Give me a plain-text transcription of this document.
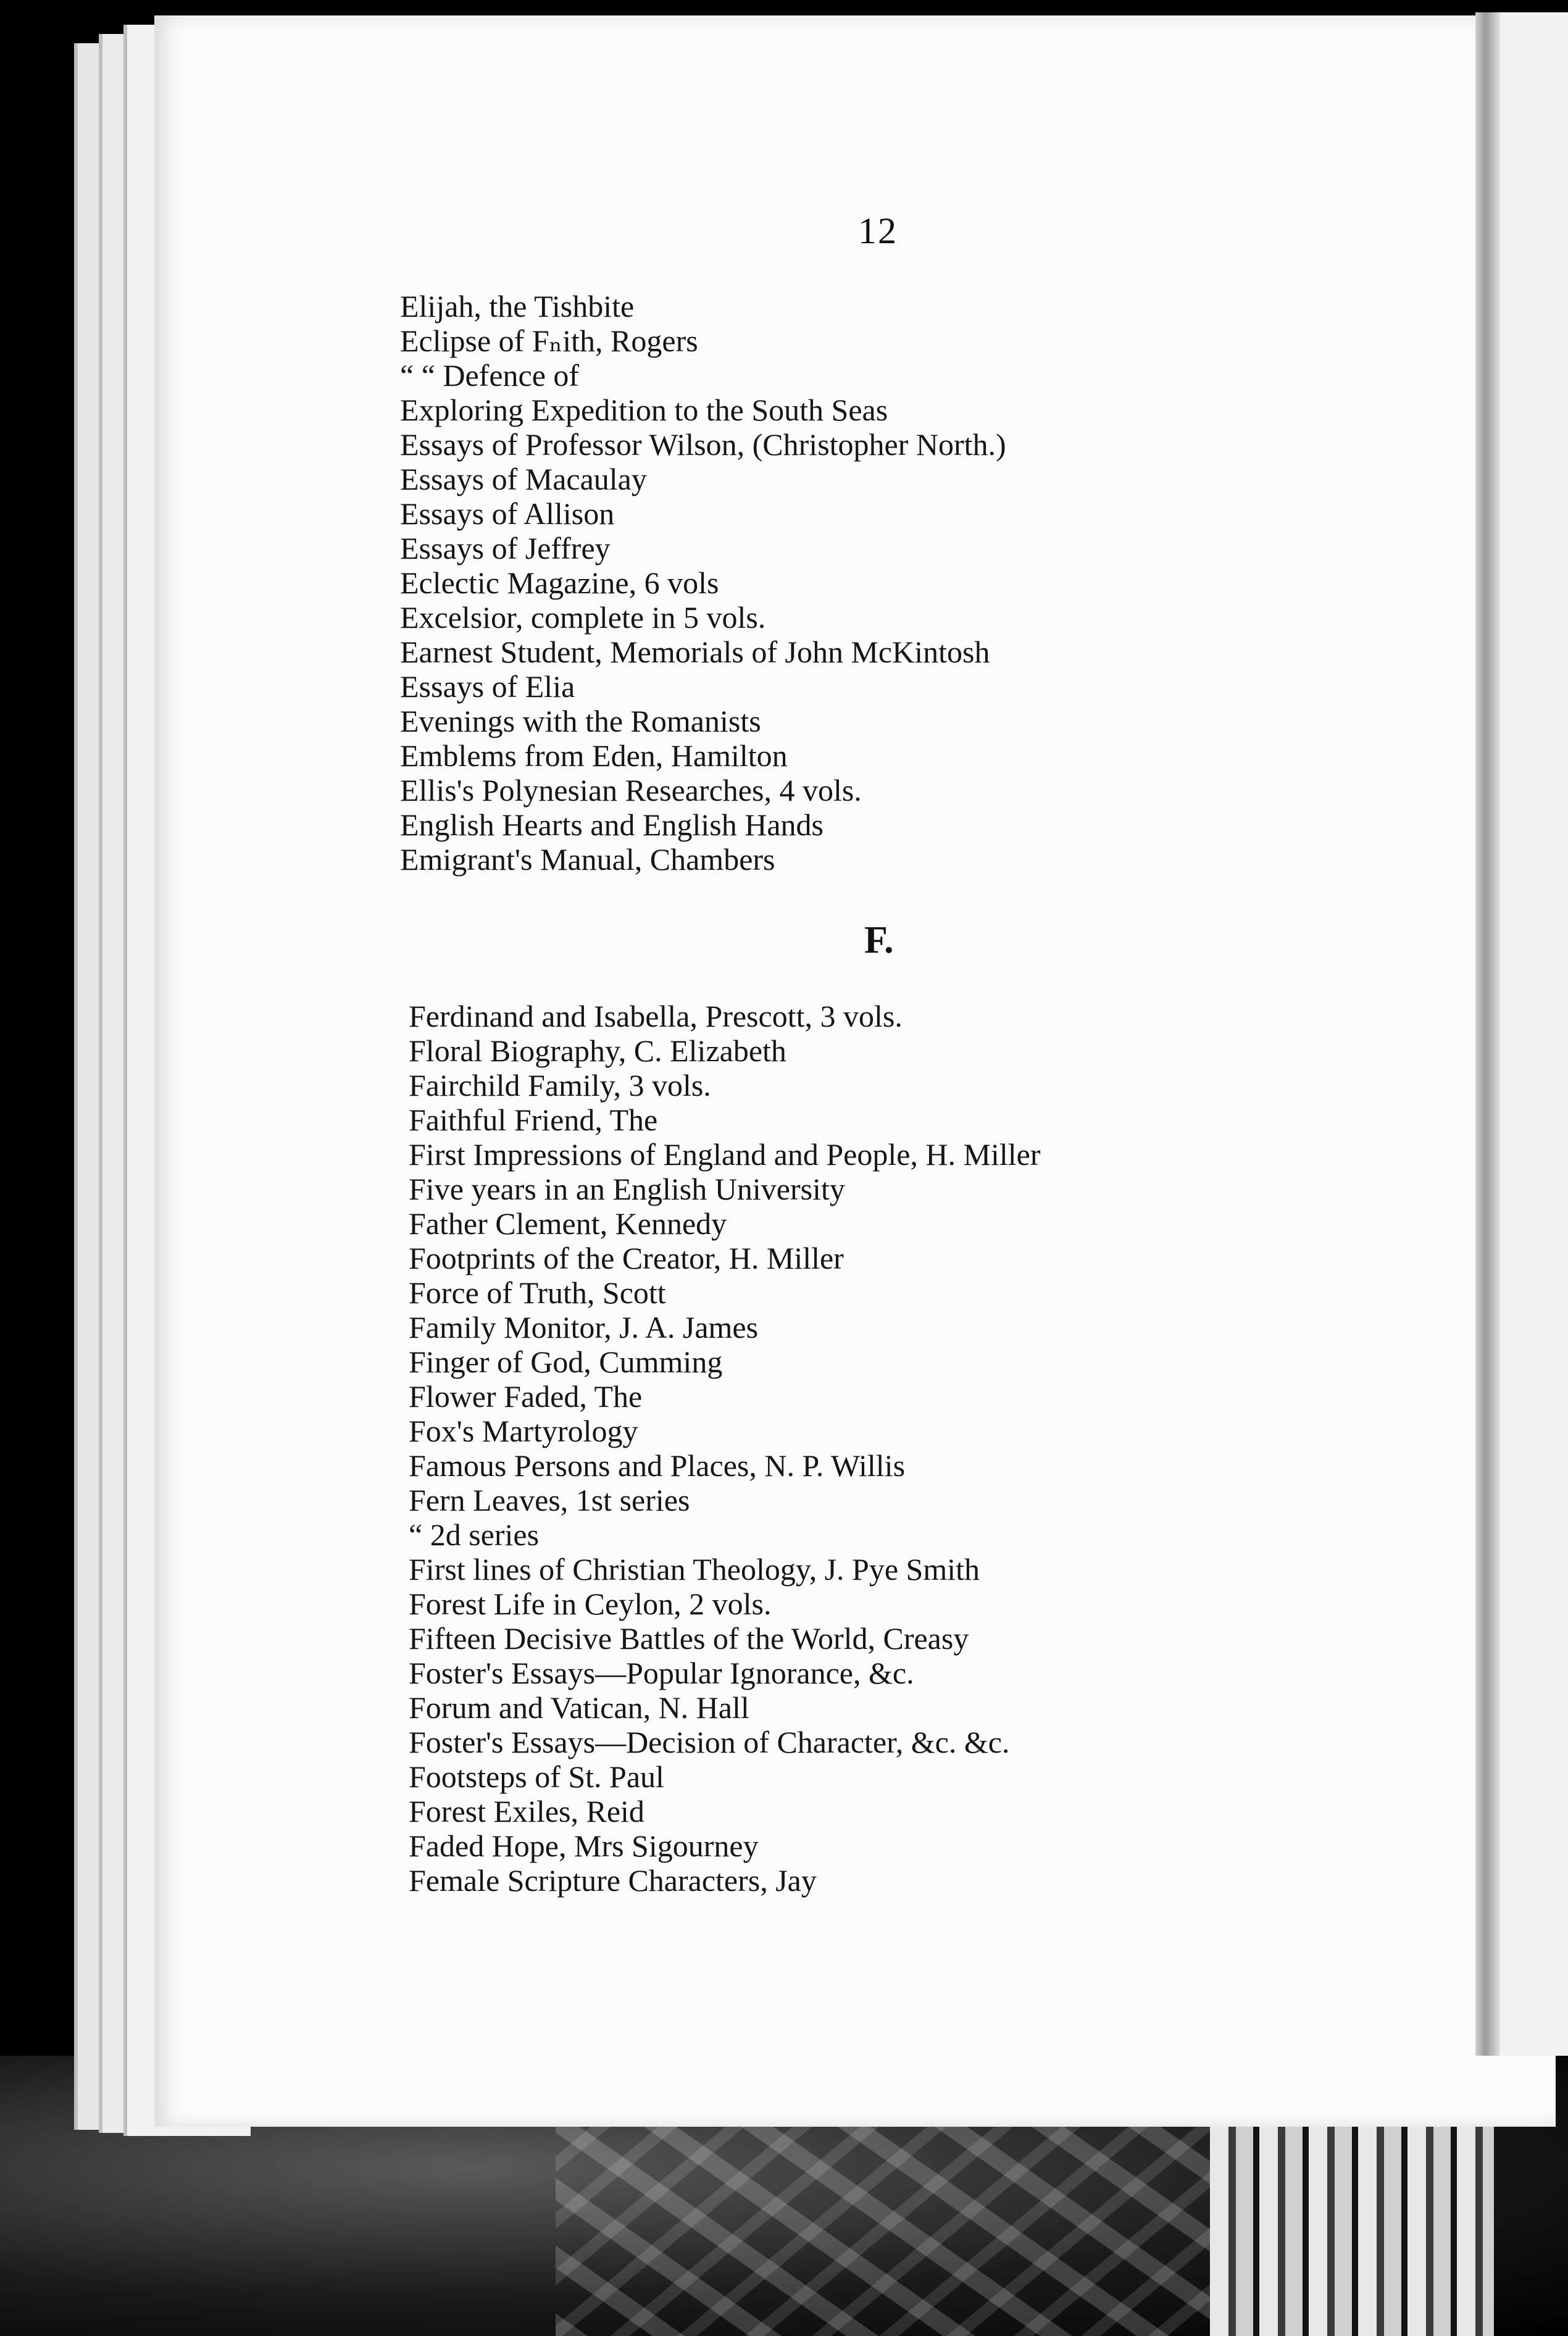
12
Elijah, the Tishbite
Eclipse of Fₙith, Rogers
“ “ Defence of
Exploring Expedition to the South Seas
Essays of Professor Wilson, (Christopher North.)
Essays of Macaulay
Essays of Allison
Essays of Jeffrey
Eclectic Magazine, 6 vols
Excelsior, complete in 5 vols.
Earnest Student, Memorials of John McKintosh
Essays of Elia
Evenings with the Romanists
Emblems from Eden, Hamilton
Ellis's Polynesian Researches, 4 vols.
English Hearts and English Hands
Emigrant's Manual, Chambers
F.
Ferdinand and Isabella, Prescott, 3 vols.
Floral Biography, C. Elizabeth
Fairchild Family, 3 vols.
Faithful Friend, The
First Impressions of England and People, H. Miller
Five years in an English University
Father Clement, Kennedy
Footprints of the Creator, H. Miller
Force of Truth, Scott
Family Monitor, J. A. James
Finger of God, Cumming
Flower Faded, The
Fox's Martyrology
Famous Persons and Places, N. P. Willis
Fern Leaves, 1st series
“ 2d series
First lines of Christian Theology, J. Pye Smith
Forest Life in Ceylon, 2 vols.
Fifteen Decisive Battles of the World, Creasy
Foster's Essays—Popular Ignorance, &c.
Forum and Vatican, N. Hall
Foster's Essays—Decision of Character, &c. &c.
Footsteps of St. Paul
Forest Exiles, Reid
Faded Hope, Mrs Sigourney
Female Scripture Characters, Jay
